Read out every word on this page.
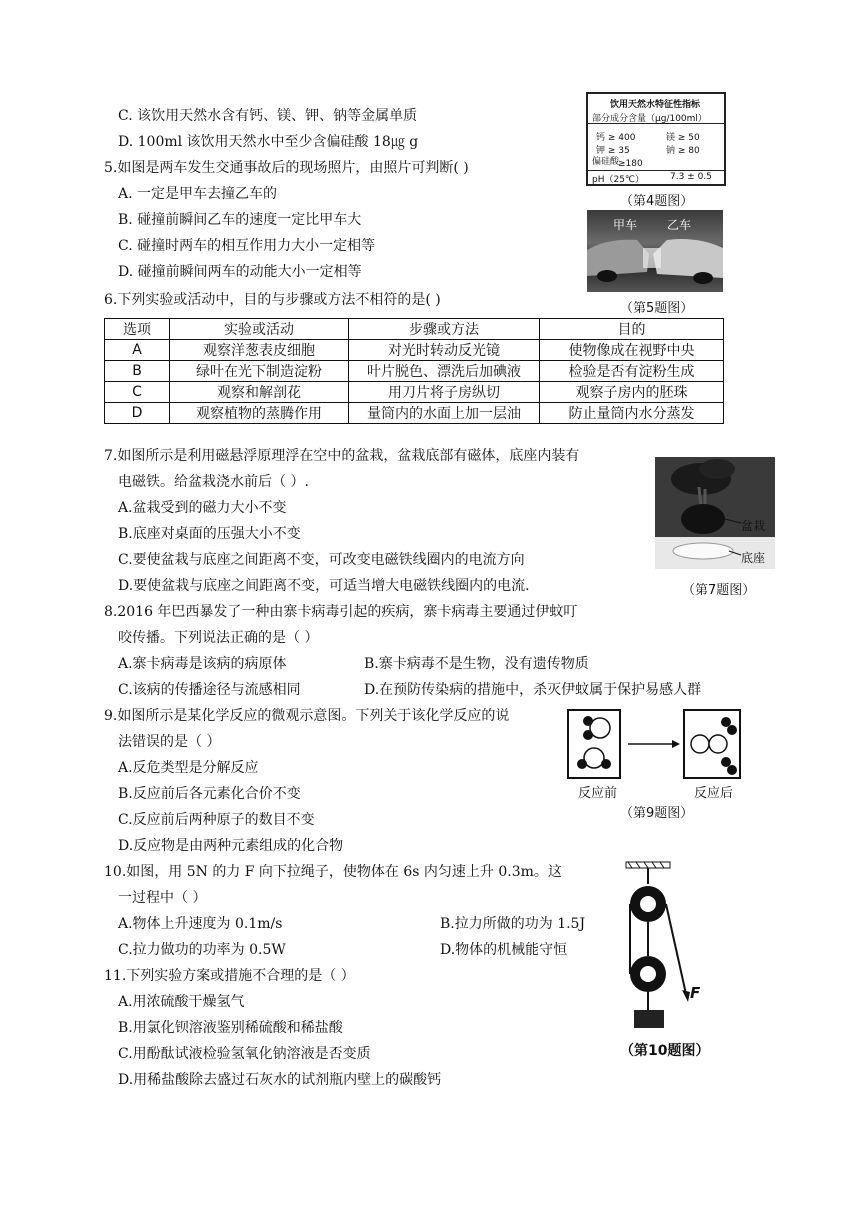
C. 该饮用天然水含有钙、镁、钾、钠等金属单质
D. 100ml 该饮用天然水中至少含偏硅酸 18㎍ g
饮用天然水特征性指标
部分成分含量（μg/100ml）
钙 ≥ 400	镁 ≥ 50
钾 ≥ 35	钠 ≥ 80
偏硅酸
≥180
pH（25℃）	7.3 ± 0.5
（第4题图）
5.如图是两车发生交通事故后的现场照片，由照片可判断( )
A. 一定是甲车去撞乙车的
B. 碰撞前瞬间乙车的速度一定比甲车大
C. 碰撞时两车的相互作用力大小一定相等
D. 碰撞前瞬间两车的动能大小一定相等
甲车 乙车
（第5题图）
6.下列实验或活动中，目的与步骤或方法不相符的是( )
选项	实验或活动	步骤或方法	目的
A	观察洋葱表皮细胞	对光时转动反光镜	使物像成在视野中央
B	绿叶在光下制造淀粉	叶片脱色、漂洗后加碘液	检验是否有淀粉生成
C	观察和解剖花	用刀片将子房纵切	观察子房内的胚珠
D	观察植物的蒸腾作用	量筒内的水面上加一层油	防止量筒内水分蒸发
7.如图所示是利用磁悬浮原理浮在空中的盆栽，盆栽底部有磁体，底座内装有
电磁铁。给盆栽浇水前后（ ）.
A.盆栽受到的磁力大小不变
B.底座对桌面的压强大小不变
C.要使盆栽与底座之间距离不变，可改变电磁铁线圈内的电流方向
D.要使盆栽与底座之间距离不变，可适当增大电磁铁线圈内的电流.
盆栽
底座
（第7题图）
8.2016 年巴西暴发了一种由寨卡病毒引起的疾病，寨卡病毒主要通过伊蚊叮
咬传播。下列说法正确的是（ ）
A.寨卡病毒是该病的病原体	B.寨卡病毒不是生物，没有遗传物质
C.该病的传播途径与流感相同	D.在预防传染病的措施中，杀灭伊蚊属于保护易感人群
9.如图所示是某化学反应的微观示意图。下列关于该化学反应的说
法错误的是（ ）
A.反危类型是分解反应
B.反应前后各元素化合价不变
C.反应前后两种原子的数目不变
D.反应物是由两种元素组成的化合物
反应前	反应后
（第9题图）
10.如图，用 5N 的力 F 向下拉绳子，使物体在 6s 内匀速上升 0.3m。这
一过程中（ ）
A.物体上升速度为 0.1m/s	B.拉力所做的功为 1.5J
C.拉力做功的功率为 0.5W	D.物体的机械能守恒
F
（第10题图）
11.下列实验方案或措施不合理的是（ ）
A.用浓硫酸干燥氢气
B.用氯化钡溶液鉴别稀硫酸和稀盐酸
C.用酚酞试液检验氢氧化钠溶液是否变质
D.用稀盐酸除去盛过石灰水的试剂瓶内壁上的碳酸钙
